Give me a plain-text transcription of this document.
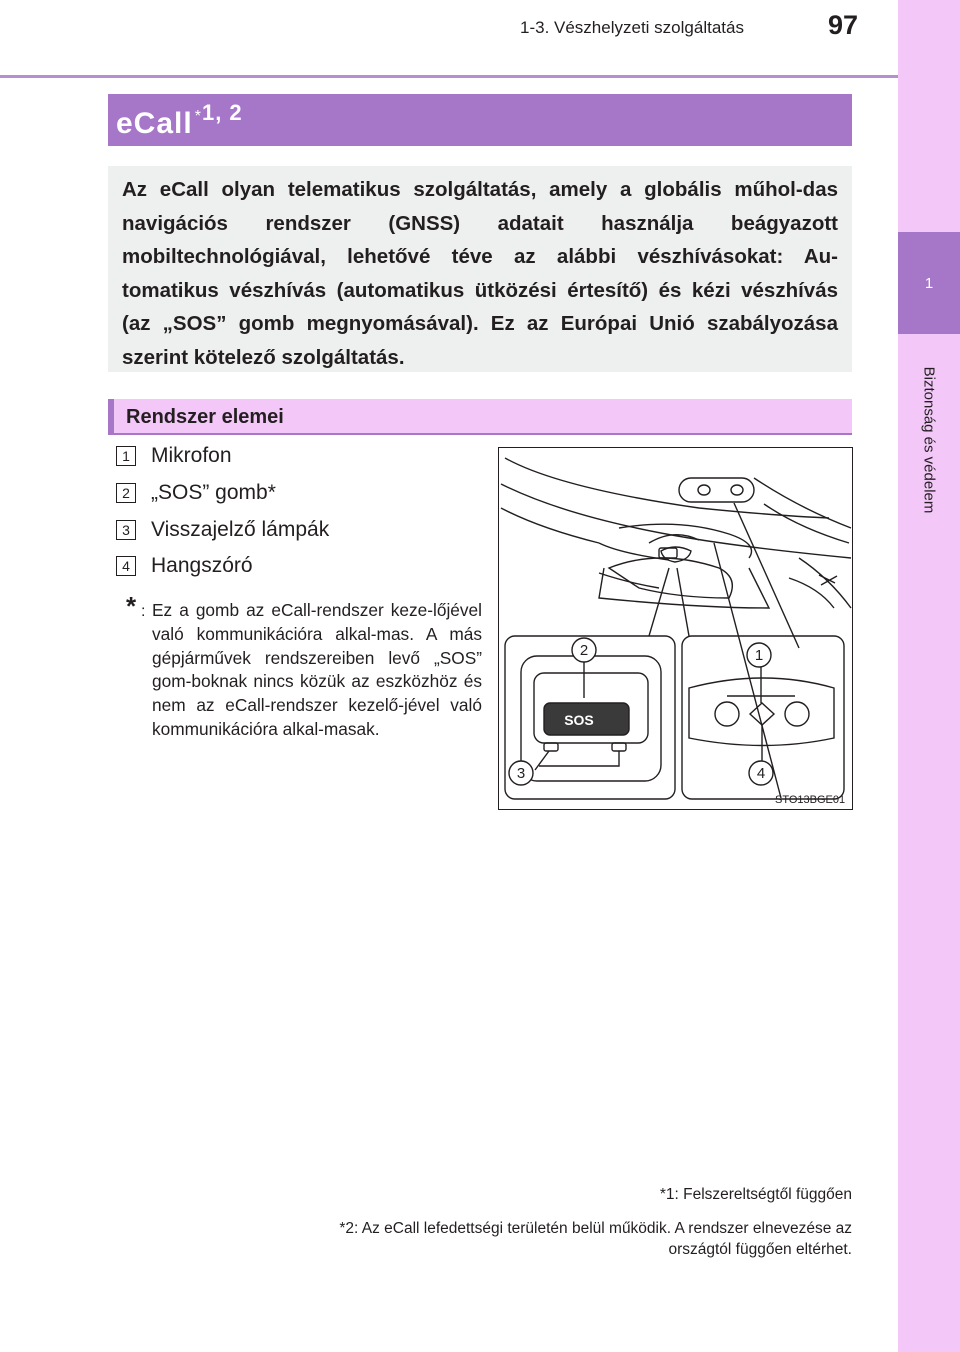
1-3. Vészhelyzeti szolgáltatás	97
1
Biztonság és védelem
eCall $^{*1, 2}$
Az eCall olyan telematikus szolgáltatás, amely a globális műhol-das navigációs rendszer (GNSS) adatait használja beágyazott mobiltechnológiával, lehetővé téve az alábbi vészhívásokat: Au-tomatikus vészhívás (automatikus ütközési értesítő) és kézi vészhívás (az „SOS” gomb megnyomásával). Ez az Európai Unió szabályozása szerint kötelező szolgáltatás.
Rendszer elemei
1 Mikrofon
2 „SOS” gomb*
3 Visszajelző lámpák
4 Hangszóró
* : Ez a gomb az eCall-rendszer keze-lőjével való kommunikációra alkal-mas. A más gépjárművek rendszereiben levő „SOS” gom-boknak nincs közük az eszközhöz és nem az eCall-rendszer kezelő-jével való kommunikációra alkal-masak.
1
2
3	4
SOS
STO13BGE01
*1: Felszereltségtől függően
*2: Az eCall lefedettségi területén belül működik. A rendszer elnevezése az országtól függően eltérhet.
